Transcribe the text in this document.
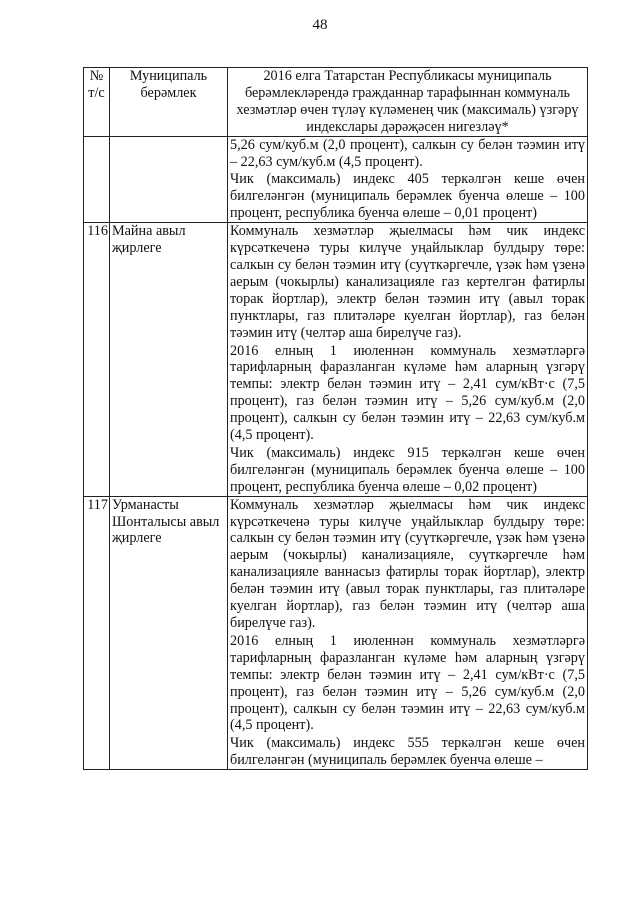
48
№ т/с	Муниципаль берәмлек	2016 елга Татарстан Республикасы муниципаль берәмлекләрендә гражданнар тарафыннан коммуналь хезмәтләр өчен түләү күләменең чик (максималь) үзгәрү индекслары дәрәҗәсен нигезләү*

		5,26 сум/куб.м (2,0 процент), салкын су белән тәэмин итү – 22,63 сум/куб.м (4,5 процент).
Чик (максималь) индекс 405 теркәлгән кеше өчен билгеләнгән (муниципаль берәмлек буенча өлеше – 100 процент, республика буенча өлеше – 0,01 процент)

116	Майна авыл җирлеге	Коммуналь хезмәтләр җыелмасы һәм чик индекс күрсәткеченә туры килүче уңайлыклар булдыру төре: салкын су белән тәэмин итү (суүткәргечле, үзәк һәм үзенә аерым (чокырлы) канализацияле газ кертелгән фатирлы торак йортлар), электр белән тәэмин итү (авыл торак пунктлары, газ плитәләре куелган йортлар), газ белән тәэмин итү (челтәр аша бирелүче газ).
2016 елның 1 июленнән коммуналь хезмәтләргә тарифларның фаразланган күләме һәм аларның үзгәрү темпы: электр белән тәэмин итү – 2,41 сум/кВт·с (7,5 процент), газ белән тәэмин итү – 5,26 сум/куб.м (2,0 процент), салкын су белән тәэмин итү – 22,63 сум/куб.м (4,5 процент).
Чик (максималь) индекс 915 теркәлгән кеше өчен билгеләнгән (муниципаль берәмлек буенча өлеше – 100 процент, республика буенча өлеше – 0,02 процент)

117	Урманасты Шонталысы авыл җирлеге	Коммуналь хезмәтләр җыелмасы һәм чик индекс күрсәткеченә туры килүче уңайлыклар булдыру төре: салкын су белән тәэмин итү (суүткәргечле, үзәк һәм үзенә аерым (чокырлы) канализацияле, суүткәргечле һәм канализацияле ваннасыз фатирлы торак йортлар), электр белән тәэмин итү (авыл торак пунктлары, газ плитәләре куелган йортлар), газ белән тәэмин итү (челтәр аша бирелүче газ).
2016 елның 1 июленнән коммуналь хезмәтләргә тарифларның фаразланган күләме һәм аларның үзгәрү темпы: электр белән тәэмин итү – 2,41 сум/кВт·с (7,5 процент), газ белән тәэмин итү – 5,26 сум/куб.м (2,0 процент), салкын су белән тәэмин итү – 22,63 сум/куб.м (4,5 процент).
Чик (максималь) индекс 555 теркәлгән кеше өчен билгеләнгән (муниципаль берәмлек буенча өлеше –
